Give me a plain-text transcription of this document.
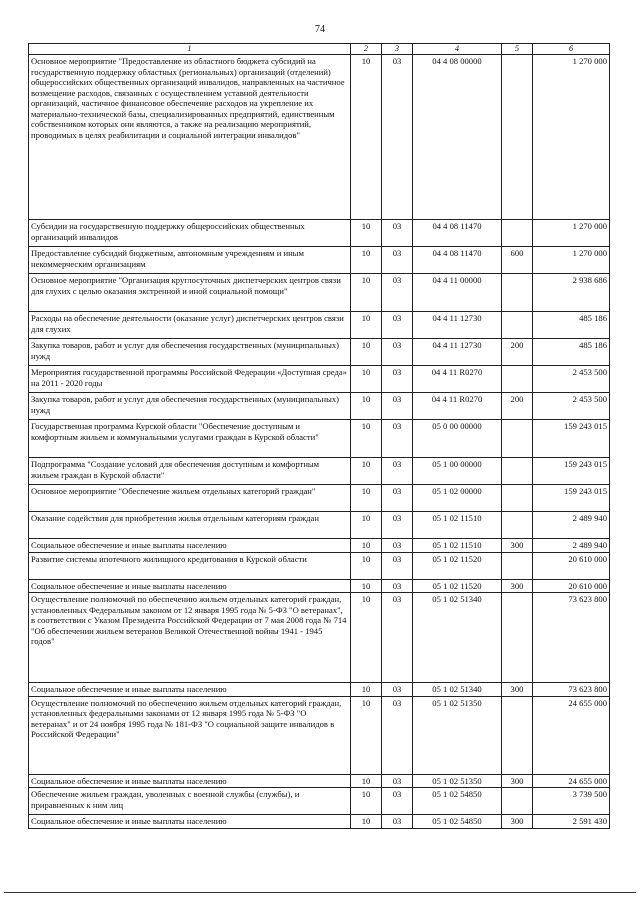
74
1	2	3	4	5	6
Основное мероприятие "Предоставление из областного бюджета субсидий на государственную поддержку областных (региональных) организаций (отделений) общероссийских общественных организаций инвалидов, направленных на частичное возмещение расходов, связанных с осуществлением уставной деятельности организаций, частичное финансовое обеспечение расходов на укрепление их материально-технической базы, специализированных предприятий, единственным собственником которых они являются, а также на реализацию мероприятий, проводимых в целях реабилитации и социальной интеграции инвалидов"	10	03	04 4 08 00000		1 270 000
Субсидии на государственную поддержку общероссийских общественных организаций инвалидов	10	03	04 4 08 11470		1 270 000
Предоставление субсидий бюджетным, автономным учреждениям и иным некоммерческим организациям	10	03	04 4 08 11470	600	1 270 000
Основное мероприятие "Организация круглосуточных диспетчерских центров связи для глухих с целью оказания экстренной и иной социальной помощи"	10	03	04 4 11 00000		2 938 686
Расходы на обеспечение деятельности (оказание услуг) диспетчерских центров связи для глухих	10	03	04 4 11 12730		485 186
Закупка товаров, работ и услуг для обеспечения государственных (муниципальных) нужд	10	03	04 4 11 12730	200	485 186
Мероприятия государственной программы Российской Федерации «Доступная среда» на 2011 - 2020 годы	10	03	04 4 11 R0270		2 453 500
Закупка товаров, работ и услуг для обеспечения государственных (муниципальных) нужд	10	03	04 4 11 R0270	200	2 453 500
Государственная программа Курской области "Обеспечение доступным и комфортным жильем и коммунальными услугами граждан в Курской области"	10	03	05 0 00 00000		159 243 015
Подпрограмма "Создание условий для обеспечения доступным и комфортным жильем граждан в Курской области"	10	03	05 1 00 00000		159 243 015
Основное мероприятие "Обеспечение жильем отдельных категорий граждан"	10	03	05 1 02 00000		159 243 015
Оказание содействия для приобретения жилья отдельным категориям граждан	10	03	05 1 02 11510		2 489 940
Социальное обеспечение и иные выплаты населению	10	03	05 1 02 11510	300	2 489 940
Развитие системы ипотечного жилищного кредитования в Курской области	10	03	05 1 02 11520		20 610 000
Социальное обеспечение и иные выплаты населению	10	03	05 1 02 11520	300	20 610 000
Осуществление полномочий по обеспечению жильем отдельных категорий граждан, установленных Федеральным законом от 12 января 1995 года № 5-ФЗ "О ветеранах", в соответствии с Указом Президента Российской Федерации от 7 мая 2008 года № 714 "Об обеспечении жильем ветеранов Великой Отечественной войны 1941 - 1945 годов"	10	03	05 1 02 51340		73 623 800
Социальное обеспечение и иные выплаты населению	10	03	05 1 02 51340	300	73 623 800
Осуществление полномочий по обеспечению жильем отдельных категорий граждан, установленных федеральными законами от 12 января 1995 года № 5-ФЗ "О ветеранах" и от 24 ноября 1995 года № 181-ФЗ "О социальной защите инвалидов в Российской Федерации"	10	03	05 1 02 51350		24 655 000
Социальное обеспечение и иные выплаты населению	10	03	05 1 02 51350	300	24 655 000
Обеспечение жильем граждан, уволенных с военной службы (службы), и приравненных к ним лиц	10	03	05 1 02 54850		3 739 500
Социальное обеспечение и иные выплаты населению	10	03	05 1 02 54850	300	2 591 430
